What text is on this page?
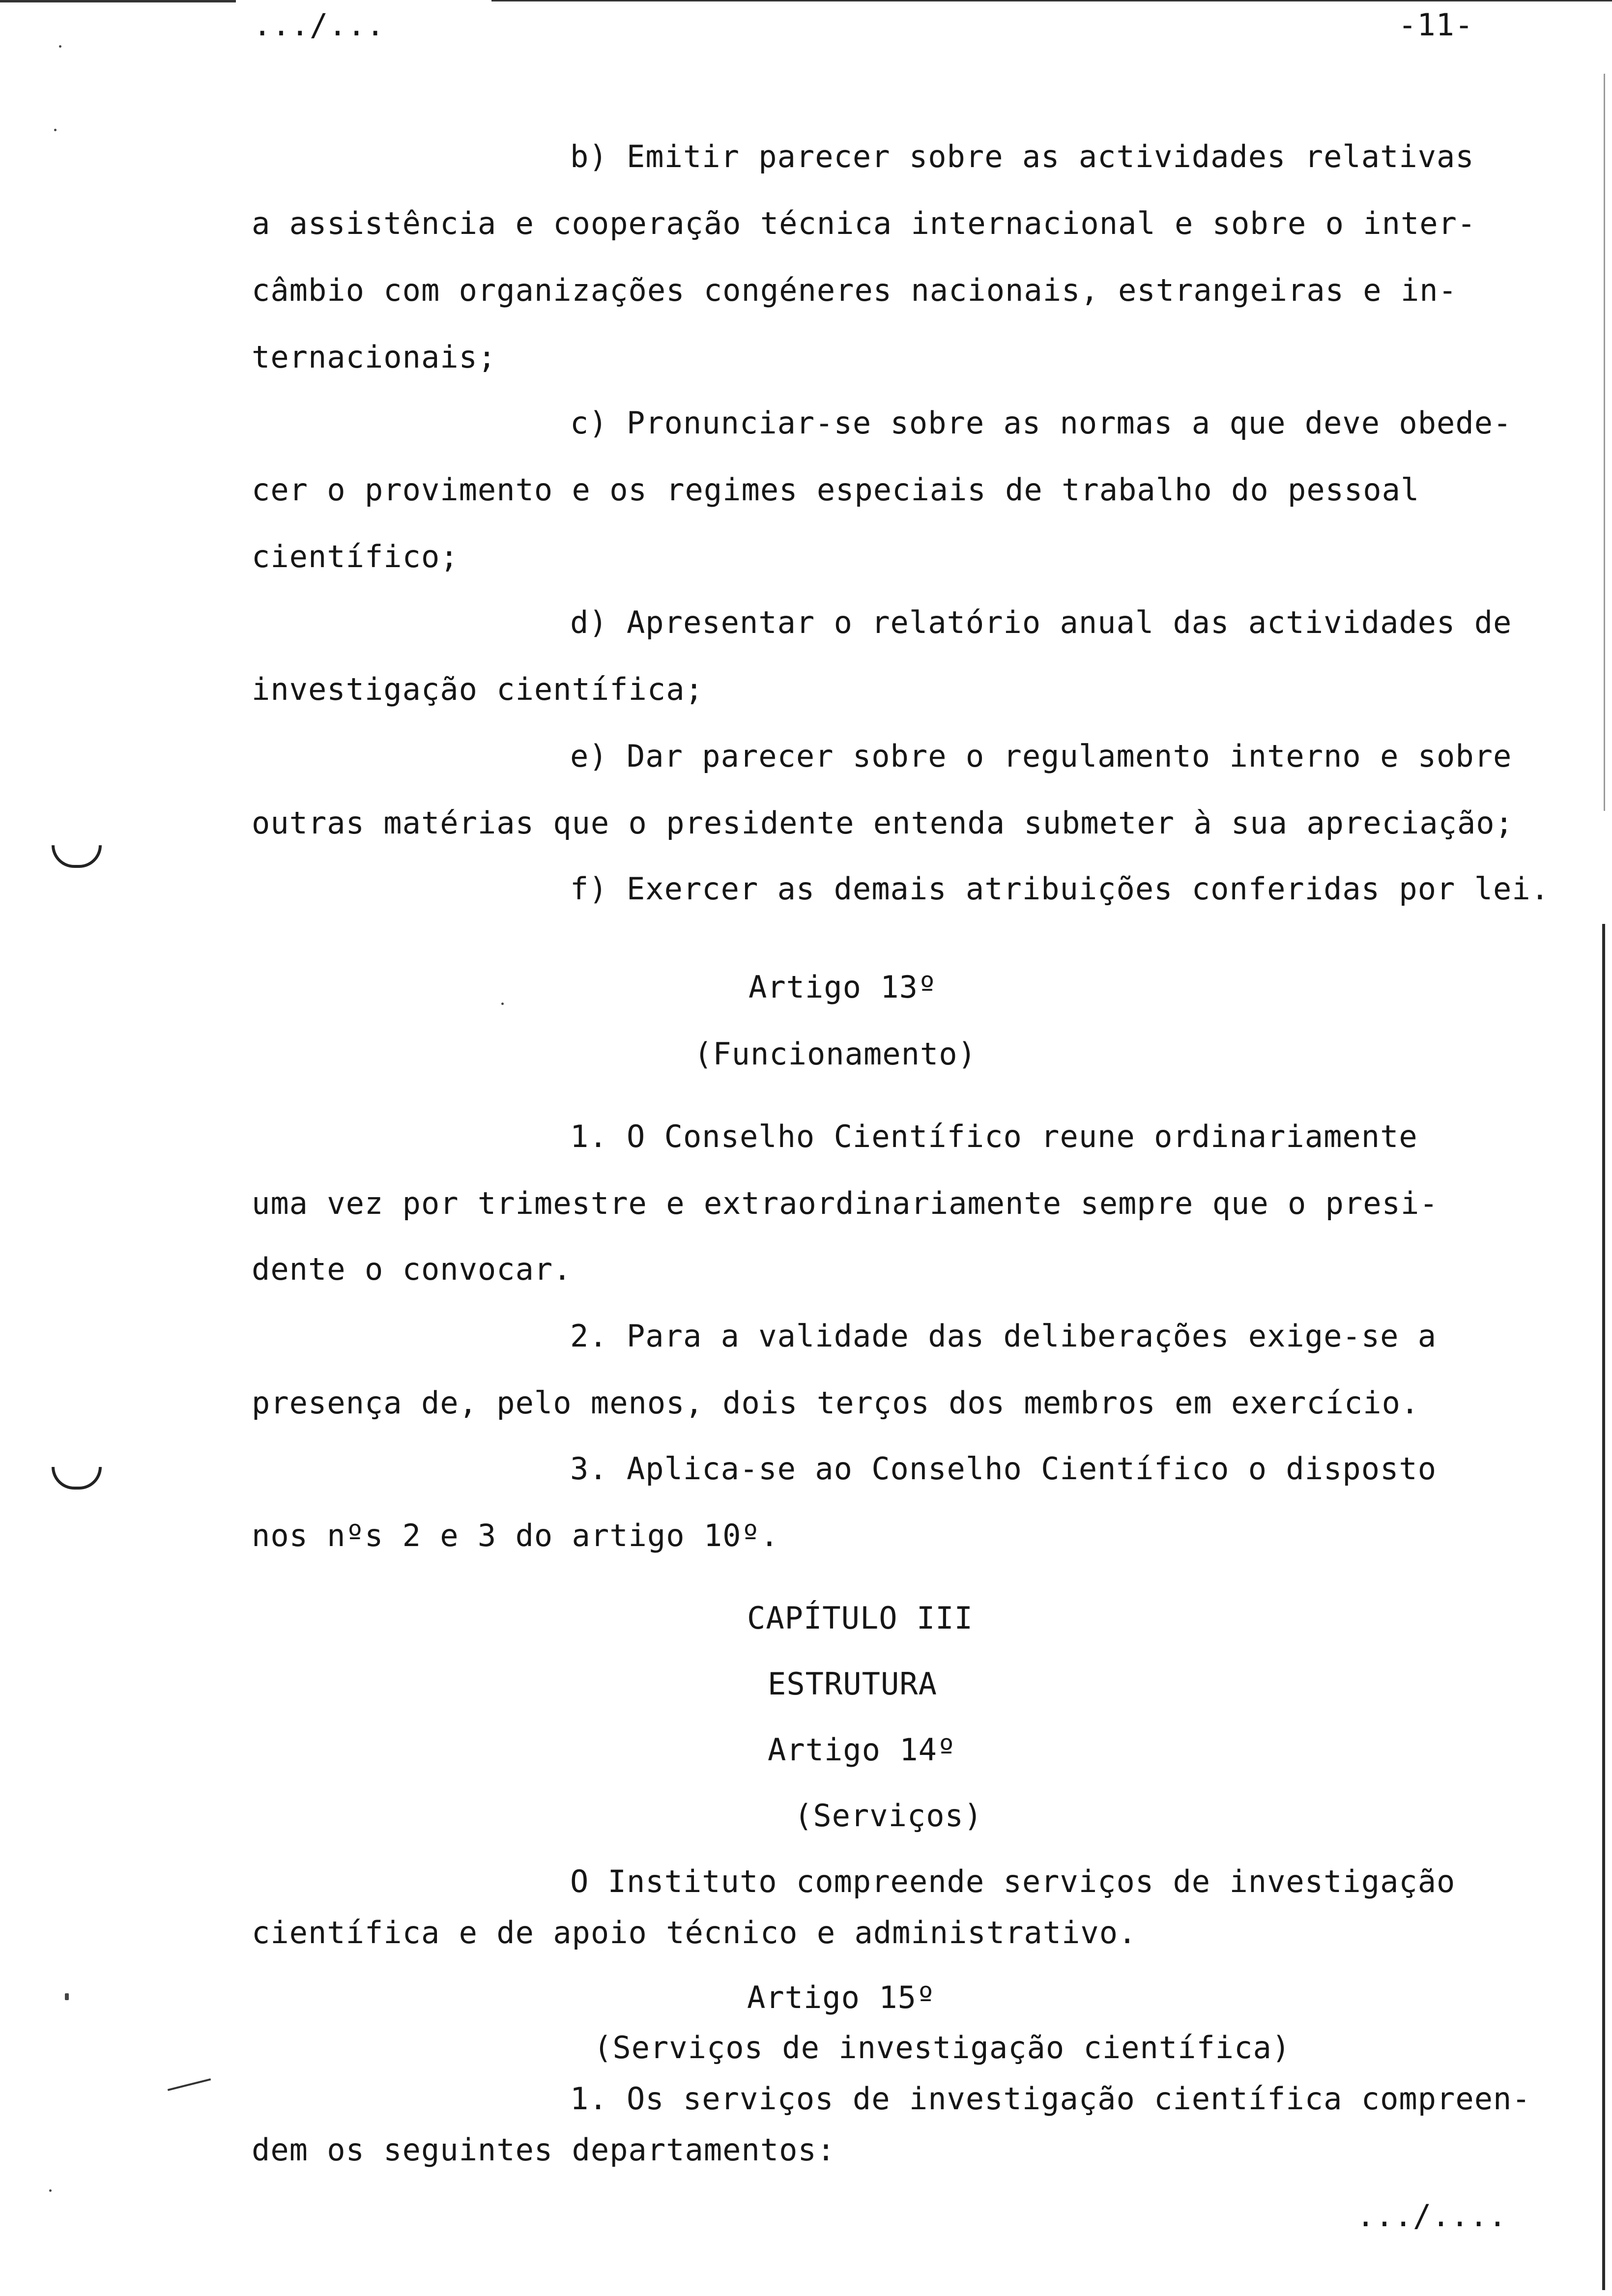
.../...	-11-
b) Emitir parecer sobre as actividades relativas
a assistência e cooperação técnica internacional e sobre o inter-
câmbio com organizações congéneres nacionais, estrangeiras e in-
ternacionais;
c) Pronunciar-se sobre as normas a que deve obede-
cer o provimento e os regimes especiais de trabalho do pessoal
científico;
d) Apresentar o relatório anual das actividades de
investigação científica;
e) Dar parecer sobre o regulamento interno e sobre
outras matérias que o presidente entenda submeter à sua apreciação;
f) Exercer as demais atribuições conferidas por lei.
Artigo 13º
(Funcionamento)
1. O Conselho Científico reune ordinariamente
uma vez por trimestre e extraordinariamente sempre que o presi-
dente o convocar.
2. Para a validade das deliberações exige-se a
presença de, pelo menos, dois terços dos membros em exercício.
3. Aplica-se ao Conselho Científico o disposto
nos nºs 2 e 3 do artigo 10º.
CAPÍTULO III
ESTRUTURA
Artigo 14º
(Serviços)
O Instituto compreende serviços de investigação
científica e de apoio técnico e administrativo.
Artigo 15º
(Serviços de investigação científica)
1. Os serviços de investigação científica compreen-
dem os seguintes departamentos:
.../....
